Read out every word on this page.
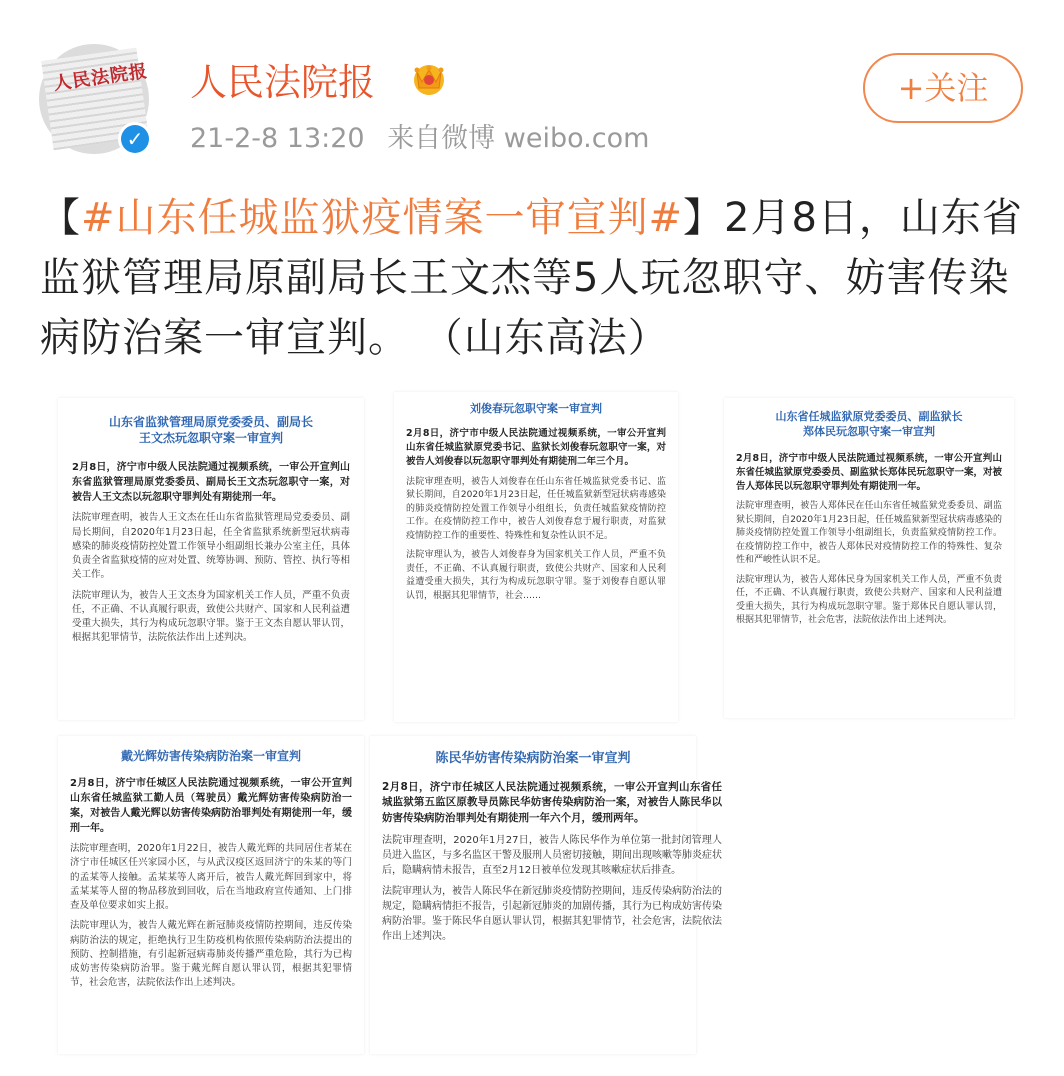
人民法院报
✓
人民法院报
21-2-8 13:20 来自微博 weibo.com
+关注
【#山东任城监狱疫情案一审宣判#】2月8日，山东省监狱管理局原副局长王文杰等5人玩忽职守、妨害传染病防治案一审宣判。 （山东高法）
山东省监狱管理局原党委委员、副局长
王文杰玩忽职守案一审宣判
2月8日，济宁市中级人民法院通过视频系统，一审公开宣判山东省监狱管理局原党委委员、副局长王文杰玩忽职守一案，对被告人王文杰以玩忽职守罪判处有期徒刑一年。
法院审理查明，被告人王文杰在任山东省监狱管理局党委委员、副局长期间，自2020年1月23日起，任全省监狱系统新型冠状病毒感染的肺炎疫情防控处置工作领导小组副组长兼办公室主任，具体负责全省监狱疫情的应对处置、统筹协调、预防、管控、执行等相关工作。
法院审理认为，被告人王文杰身为国家机关工作人员，严重不负责任，不正确、不认真履行职责，致使公共财产、国家和人民利益遭受重大损失，其行为构成玩忽职守罪。鉴于王文杰自愿认罪认罚，根据其犯罪情节，法院依法作出上述判决。
刘俊春玩忽职守案一审宣判
2月8日，济宁市中级人民法院通过视频系统，一审公开宣判山东省任城监狱原党委书记、监狱长刘俊春玩忽职守一案，对被告人刘俊春以玩忽职守罪判处有期徒刑二年三个月。
法院审理查明，被告人刘俊春在任山东省任城监狱党委书记、监狱长期间，自2020年1月23日起，任任城监狱新型冠状病毒感染的肺炎疫情防控处置工作领导小组组长，负责任城监狱疫情防控工作。在疫情防控工作中，被告人刘俊春怠于履行职责，对监狱疫情防控工作的重要性、特殊性和复杂性认识不足。
法院审理认为，被告人刘俊春身为国家机关工作人员，严重不负责任，不正确、不认真履行职责，致使公共财产、国家和人民利益遭受重大损失，其行为构成玩忽职守罪。鉴于刘俊春自愿认罪认罚，根据其犯罪情节，社会……
山东省任城监狱原党委委员、副监狱长
郑体民玩忽职守案一审宣判
2月8日，济宁市中级人民法院通过视频系统，一审公开宣判山东省任城监狱原党委委员、副监狱长郑体民玩忽职守一案，对被告人郑体民以玩忽职守罪判处有期徒刑一年。
法院审理查明，被告人郑体民在任山东省任城监狱党委委员、副监狱长期间，自2020年1月23日起，任任城监狱新型冠状病毒感染的肺炎疫情防控处置工作领导小组副组长，负责监狱疫情防控工作。在疫情防控工作中，被告人郑体民对疫情防控工作的特殊性、复杂性和严峻性认识不足。
法院审理认为，被告人郑体民身为国家机关工作人员，严重不负责任，不正确、不认真履行职责，致使公共财产、国家和人民利益遭受重大损失，其行为构成玩忽职守罪。鉴于郑体民自愿认罪认罚，根据其犯罪情节，社会危害，法院依法作出上述判决。
戴光辉妨害传染病防治案一审宣判
2月8日，济宁市任城区人民法院通过视频系统，一审公开宣判山东省任城监狱工勤人员（驾驶员）戴光辉妨害传染病防治一案，对被告人戴光辉以妨害传染病防治罪判处有期徒刑一年，缓刑一年。
法院审理查明，2020年1月22日，被告人戴光辉的共同居住者某在济宁市任城区任兴家园小区，与从武汉疫区返回济宁的朱某的等门的孟某等人接触。孟某某等人离开后，被告人戴光辉回到家中，将孟某某等人留的物品移放到回收，后在当地政府宣传通知、上门排查及单位要求如实上报。
法院审理认为，被告人戴光辉在新冠肺炎疫情防控期间，违反传染病防治法的规定，拒绝执行卫生防疫机构依照传染病防治法提出的预防、控制措施，有引起新冠病毒肺炎传播严重危险，其行为已构成妨害传染病防治罪。鉴于戴光辉自愿认罪认罚，根据其犯罪情节，社会危害，法院依法作出上述判决。
陈民华妨害传染病防治案一审宣判
2月8日，济宁市任城区人民法院通过视频系统，一审公开宣判山东省任城监狱第五监区原教导员陈民华妨害传染病防治一案，对被告人陈民华以妨害传染病防治罪判处有期徒刑一年六个月，缓刑两年。
法院审理查明，2020年1月27日，被告人陈民华作为单位第一批封闭管理人员进入监区，与多名监区干警及服刑人员密切接触，期间出现咳嗽等肺炎症状后，隐瞒病情未报告，直至2月12日被单位发现其咳嗽症状后排查。
法院审理认为，被告人陈民华在新冠肺炎疫情防控期间，违反传染病防治法的规定，隐瞒病情拒不报告，引起新冠肺炎的加剧传播，其行为已构成妨害传染病防治罪。鉴于陈民华自愿认罪认罚，根据其犯罪情节，社会危害，法院依法作出上述判决。
